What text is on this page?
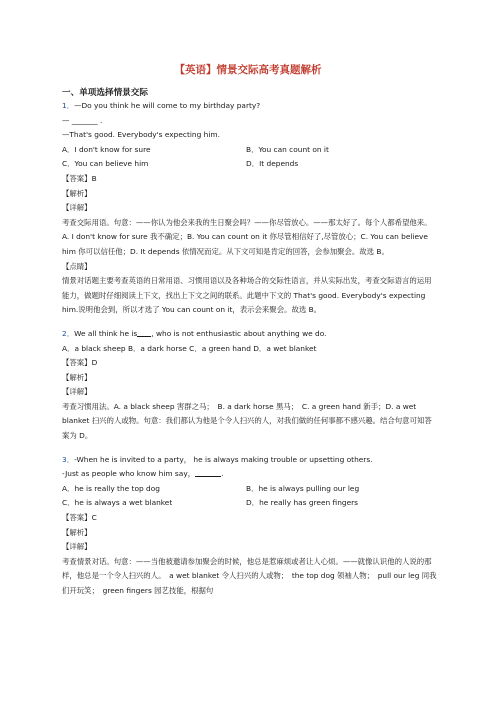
【英语】情景交际高考真题解析
一、单项选择情景交际
1．—Do you think he will come to my birthday party?
— _______ .
—That's good. Everybody's expecting him.
A．I don't know for sure	B．You can count on it
C．You can believe him	D．It depends
【答案】B
【解析】
【详解】
考查交际用语。句意：——你认为他会来我的生日聚会吗？——你尽管放心。——那太好了。每个人都希望他来。A. I don't know for sure 我不确定；B. You can count on it 你尽管相信好了,尽管放心；C. You can believe him 你可以信任他；D. It depends 依情况而定。从下文可知是肯定的回答，会参加聚会。故选 B。
【点睛】
情景对话题主要考查英语的日常用语、习惯用语以及各种场合的交际性语言，并从实际出发，考查交际语言的运用能力，做题时仔细阅读上下文，找出上下文之间的联系。此题中下文的 That's good. Everybody's expecting him.说明他会到，所以才选了 You can count on it，表示会来聚会。故选 B。
2．We all think he is , who is not enthusiastic about anything we do.
A．a black sheep B．a dark horse C．a green hand D．a wet blanket
【答案】D
【解析】
【详解】
考查习惯用法。A. a black sheep 害群之马；　B. a dark horse 黑马；　C. a green hand 新手；D. a wet blanket 扫兴的人或物。句意：我们都认为他是个令人扫兴的人，对我们做的任何事都不感兴趣。结合句意可知答案为 D。
3．-When he is invited to a party， he is always making trouble or upsetting others.
-Just as people who know him say，	.
A．he is really the top dog	B．he is always pulling our leg
C．he is always a wet blanket	D．he really has green fingers
【答案】C
【解析】
【详解】
考查情景对话。句意：——当他被邀请参加聚会的时候，他总是惹麻烦或者让人心烦。——就像认识他的人说的那样，他总是一个令人扫兴的人。　a wet blanket 令人扫兴的人或物；　the top dog 领袖人物；　pull our leg 同我们开玩笑；　green fingers 园艺技能，根据句
